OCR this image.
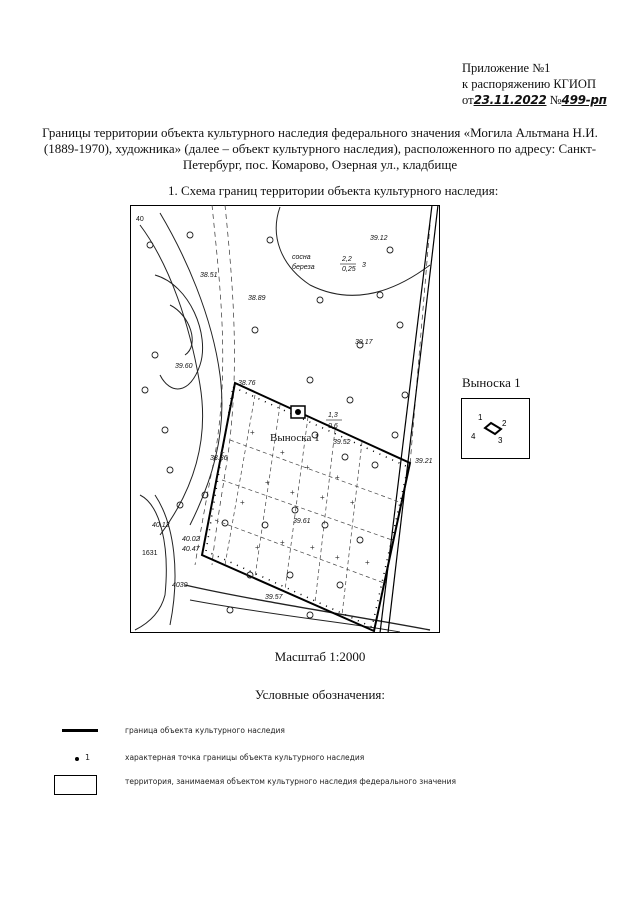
Приложение №1
к распоряжению КГИОП
от23.11.2022 №499-рп
Границы территории объекта культурного наследия федерального значения «Могила Альтмана Н.И. (1889-1970), художника» (далее – объект культурного наследия), расположенного по адресу: Санкт-Петербург, пос. Комарово, Озерная ул., кладбище
1. Схема границ территории объекта культурного наследия:
+
+
+
+
+
+
+
+
+
+
+
+
+
+
+
40
39.12
38.51
38.89
39.17
39.60
38.76
38.86
39.52
39.21
40.12
40.02
40.47
39.61
39.57
4030
1631
сосна
береза
2,2
0,25
3
1,3
0,6
Выноска 1
Выноска 1
1
2
3
4
Масштаб 1:2000
Условные обозначения:
граница объекта культурного наследия
1	характерная точка границы объекта культурного наследия
территория, занимаемая объектом культурного наследия федерального значения
